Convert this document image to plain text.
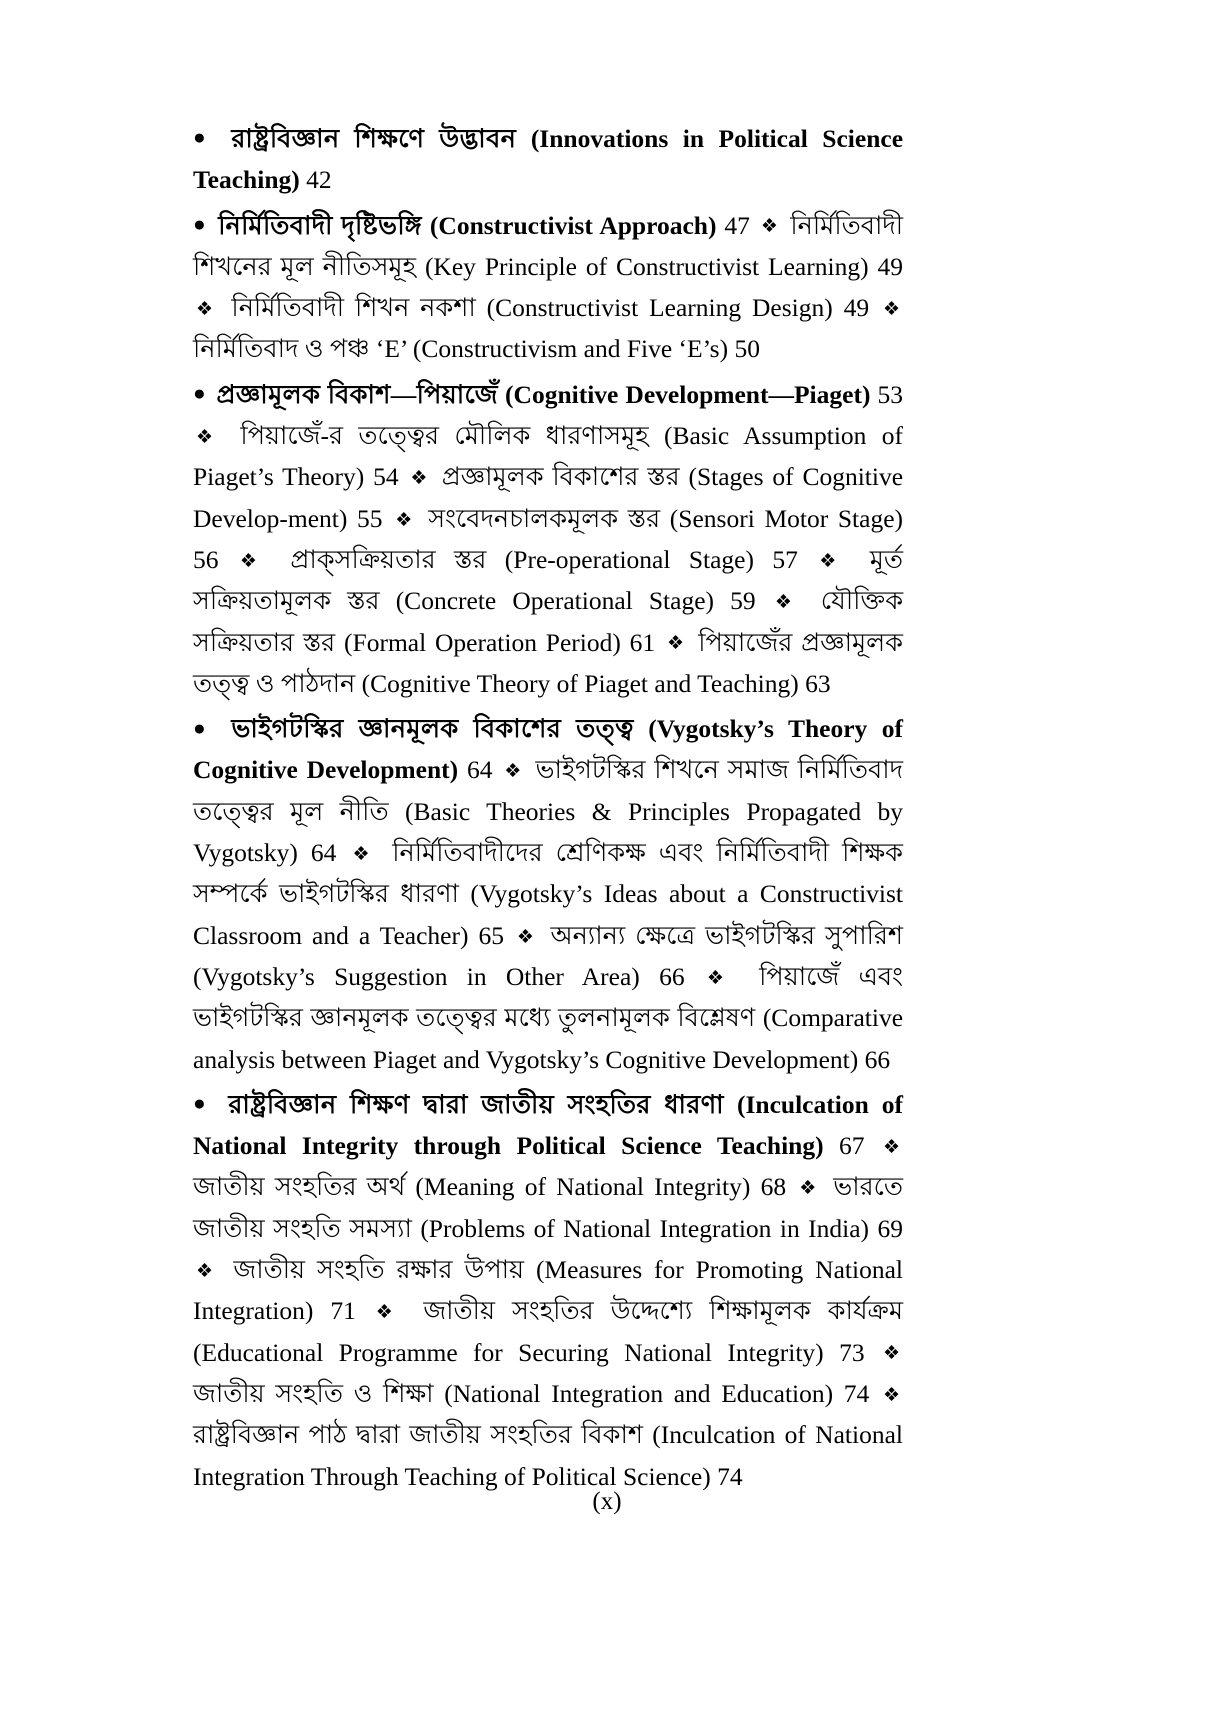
● রাষ্ট্রবিজ্ঞান শিক্ষণে উদ্ভাবন (Innovations in Political Science Teaching) 42

● নির্মিতিবাদী দৃষ্টিভঙ্গি (Constructivist Approach) 47 ❖ নির্মিতিবাদী শিখনের মূল নীতিসমূহ (Key Principle of Constructivist Learning) 49 ❖ নির্মিতিবাদী শিখন নকশা (Constructivist Learning Design) 49 ❖ নির্মিতিবাদ ও পঞ্চ ‘E’ (Constructivism and Five ‘E’s) 50

● প্রজ্ঞামূলক বিকাশ—পিয়াজেঁ (Cognitive Development—Piaget) 53 ❖ পিয়াজেঁ-র তত্ত্বের মৌলিক ধারণাসমূহ (Basic Assumption of Piaget’s Theory) 54 ❖ প্রজ্ঞামূলক বিকাশের স্তর (Stages of Cognitive Develop-ment) 55 ❖ সংবেদনচালকমূলক স্তর (Sensori Motor Stage) 56 ❖ প্রাক্‌সক্রিয়তার স্তর (Pre-operational Stage) 57 ❖ মূর্ত সক্রিয়তামূলক স্তর (Concrete Operational Stage) 59 ❖ যৌক্তিক সক্রিয়তার স্তর (Formal Operation Period) 61 ❖ পিয়াজেঁর প্রজ্ঞামূলক তত্ত্ব ও পাঠদান (Cognitive Theory of Piaget and Teaching) 63

● ভাইগটস্কির জ্ঞানমূলক বিকাশের তত্ত্ব (Vygotsky’s Theory of Cognitive Development) 64 ❖ ভাইগটস্কির শিখনে সমাজ নির্মিতিবাদ তত্ত্বের মূল নীতি (Basic Theories & Principles Propagated by Vygotsky) 64 ❖ নির্মিতিবাদীদের শ্রেণিকক্ষ এবং নির্মিতিবাদী শিক্ষক সম্পর্কে ভাইগটস্কির ধারণা (Vygotsky’s Ideas about a Constructivist Classroom and a Teacher) 65 ❖ অন্যান্য ক্ষেত্রে ভাইগটস্কির সুপারিশ (Vygotsky’s Suggestion in Other Area) 66 ❖ পিয়াজেঁ এবং ভাইগটস্কির জ্ঞানমূলক তত্ত্বের মধ্যে তুলনামূলক বিশ্লেষণ (Comparative analysis between Piaget and Vygotsky’s Cognitive Development) 66

● রাষ্ট্রবিজ্ঞান শিক্ষণ দ্বারা জাতীয় সংহতির ধারণা (Inculcation of National Integrity through Political Science Teaching) 67 ❖ জাতীয় সংহতির অর্থ (Meaning of National Integrity) 68 ❖ ভারতে জাতীয় সংহতি সমস্যা (Problems of National Integration in India) 69 ❖ জাতীয় সংহতি রক্ষার উপায় (Measures for Promoting National Integration) 71 ❖ জাতীয় সংহতির উদ্দেশ্যে শিক্ষামূলক কার্যক্রম (Educational Programme for Securing National Integrity) 73 ❖ জাতীয় সংহতি ও শিক্ষা (National Integration and Education) 74 ❖ রাষ্ট্রবিজ্ঞান পাঠ দ্বারা জাতীয় সংহতির বিকাশ (Inculcation of National Integration Through Teaching of Political Science) 74

(x)
